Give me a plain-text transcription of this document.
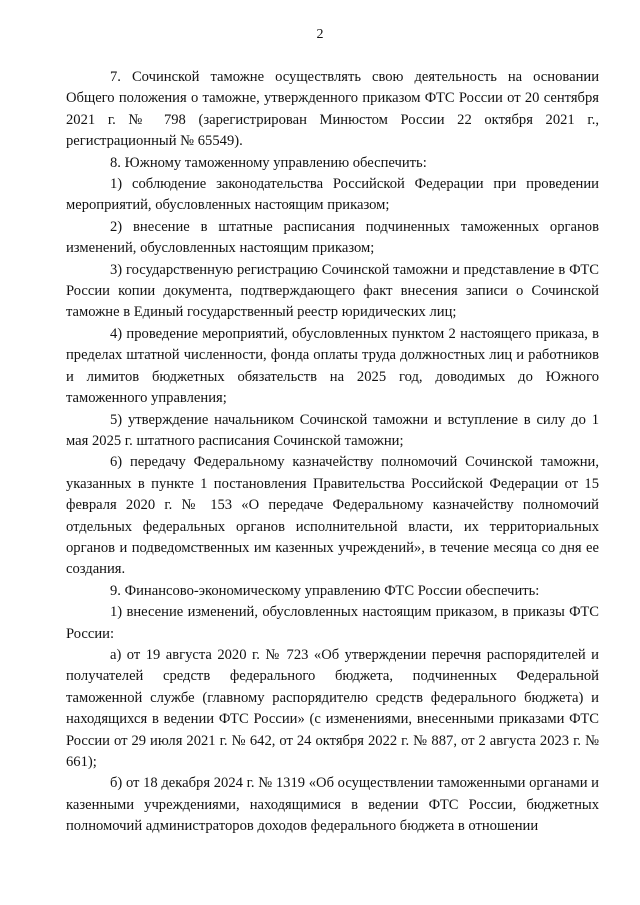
2

7. Сочинской таможне осуществлять свою деятельность на основании Общего положения о таможне, утвержденного приказом ФТС России от 20 сентября 2021 г. № 798 (зарегистрирован Минюстом России 22 октября 2021 г., регистрационный № 65549).

8. Южному таможенному управлению обеспечить:

1) соблюдение законодательства Российской Федерации при проведении мероприятий, обусловленных настоящим приказом;

2) внесение в штатные расписания подчиненных таможенных органов изменений, обусловленных настоящим приказом;

3) государственную регистрацию Сочинской таможни и представление в ФТС России копии документа, подтверждающего факт внесения записи о Сочинской таможне в Единый государственный реестр юридических лиц;

4) проведение мероприятий, обусловленных пунктом 2 настоящего приказа, в пределах штатной численности, фонда оплаты труда должностных лиц и работников и лимитов бюджетных обязательств на 2025 год, доводимых до Южного таможенного управления;

5) утверждение начальником Сочинской таможни и вступление в силу до 1 мая 2025 г. штатного расписания Сочинской таможни;

6) передачу Федеральному казначейству полномочий Сочинской таможни, указанных в пункте 1 постановления Правительства Российской Федерации от 15 февраля 2020 г. № 153 «О передаче Федеральному казначейству полномочий отдельных федеральных органов исполнительной власти, их территориальных органов и подведомственных им казенных учреждений», в течение месяца со дня ее создания.

9. Финансово-экономическому управлению ФТС России обеспечить:

1) внесение изменений, обусловленных настоящим приказом, в приказы ФТС России:

а) от 19 августа 2020 г. № 723 «Об утверждении перечня распорядителей и получателей средств федерального бюджета, подчиненных Федеральной таможенной службе (главному распорядителю средств федерального бюджета) и находящихся в ведении ФТС России» (с изменениями, внесенными приказами ФТС России от 29 июля 2021 г. № 642, от 24 октября 2022 г. № 887, от 2 августа 2023 г. № 661);

б) от 18 декабря 2024 г. № 1319 «Об осуществлении таможенными органами и казенными учреждениями, находящимися в ведении ФТС России, бюджетных полномочий администраторов доходов федерального бюджета в отношении
